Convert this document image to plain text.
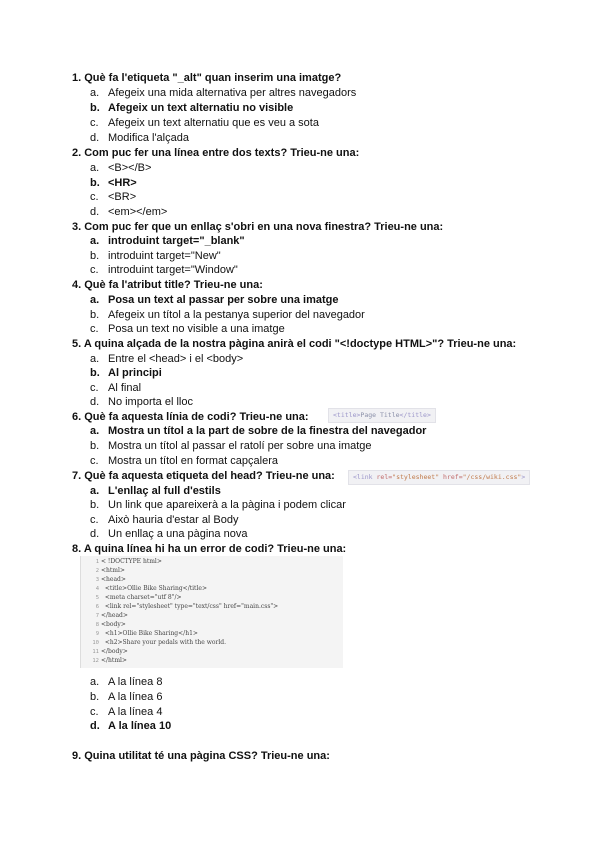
1. Què fa l'etiqueta "_alt" quan inserim una imatge?
a. Afegeix una mida alternativa per altres navegadors
b. Afegeix un text alternatiu no visible
c. Afegeix un text alternatiu que es veu a sota
d. Modifica l'alçada
2. Com puc fer una línea entre dos texts? Trieu-ne una:
a. <B></B>
b. <HR>
c. <BR>
d. <em></em>
3. Com puc fer que un enllaç s'obri en una nova finestra? Trieu-ne una:
a. introduint target="_blank"
b. introduint target="New"
c. introduint target="Window"
4. Què fa l'atribut title? Trieu-ne una:
a. Posa un text al passar per sobre una imatge
b. Afegeix un títol a la pestanya superior del navegador
c. Posa un text no visible a una imatge
5. A quina alçada de la nostra pàgina anirà el codi "<!doctype HTML>"? Trieu-ne una:
a. Entre el <head> i el <body>
b. Al principi
c. Al final
d. No importa el lloc
6. Què fa aquesta línia de codi? Trieu-ne una:	<title>Page Title</title>
a. Mostra un títol a la part de sobre de la finestra del navegador
b. Mostra un títol al passar el ratolí per sobre una imatge
c. Mostra un títol en format capçalera
7. Què fa aquesta etiqueta del head? Trieu-ne una:	<link rel="stylesheet" href="/css/wiki.css">
a. L'enllaç al full d'estils
b. Un link que apareixerà a la pàgina i podem clicar
c. Això hauria d'estar al Body
d. Un enllaç a una pàgina nova
8. A quina línea hi ha un error de codi? Trieu-ne una:
1 < !DOCTYPE html>
2 <html>
3 <head>
4 <title>Ollie Bike Sharing</title>
5 <meta charset="utf 8"/>
6 <link rel="stylesheet" type="text/css" href="main.css">
7 </head>
8 <body>
9 <h1>Ollie Bike Sharing</h1>
10 <h2>Share your pedals with the world.
11 </body>
12 </html>
a. A la línea 8
b. A la línea 6
c. A la línea 4
d. A la línea 10
9. Quina utilitat té una pàgina CSS? Trieu-ne una:
